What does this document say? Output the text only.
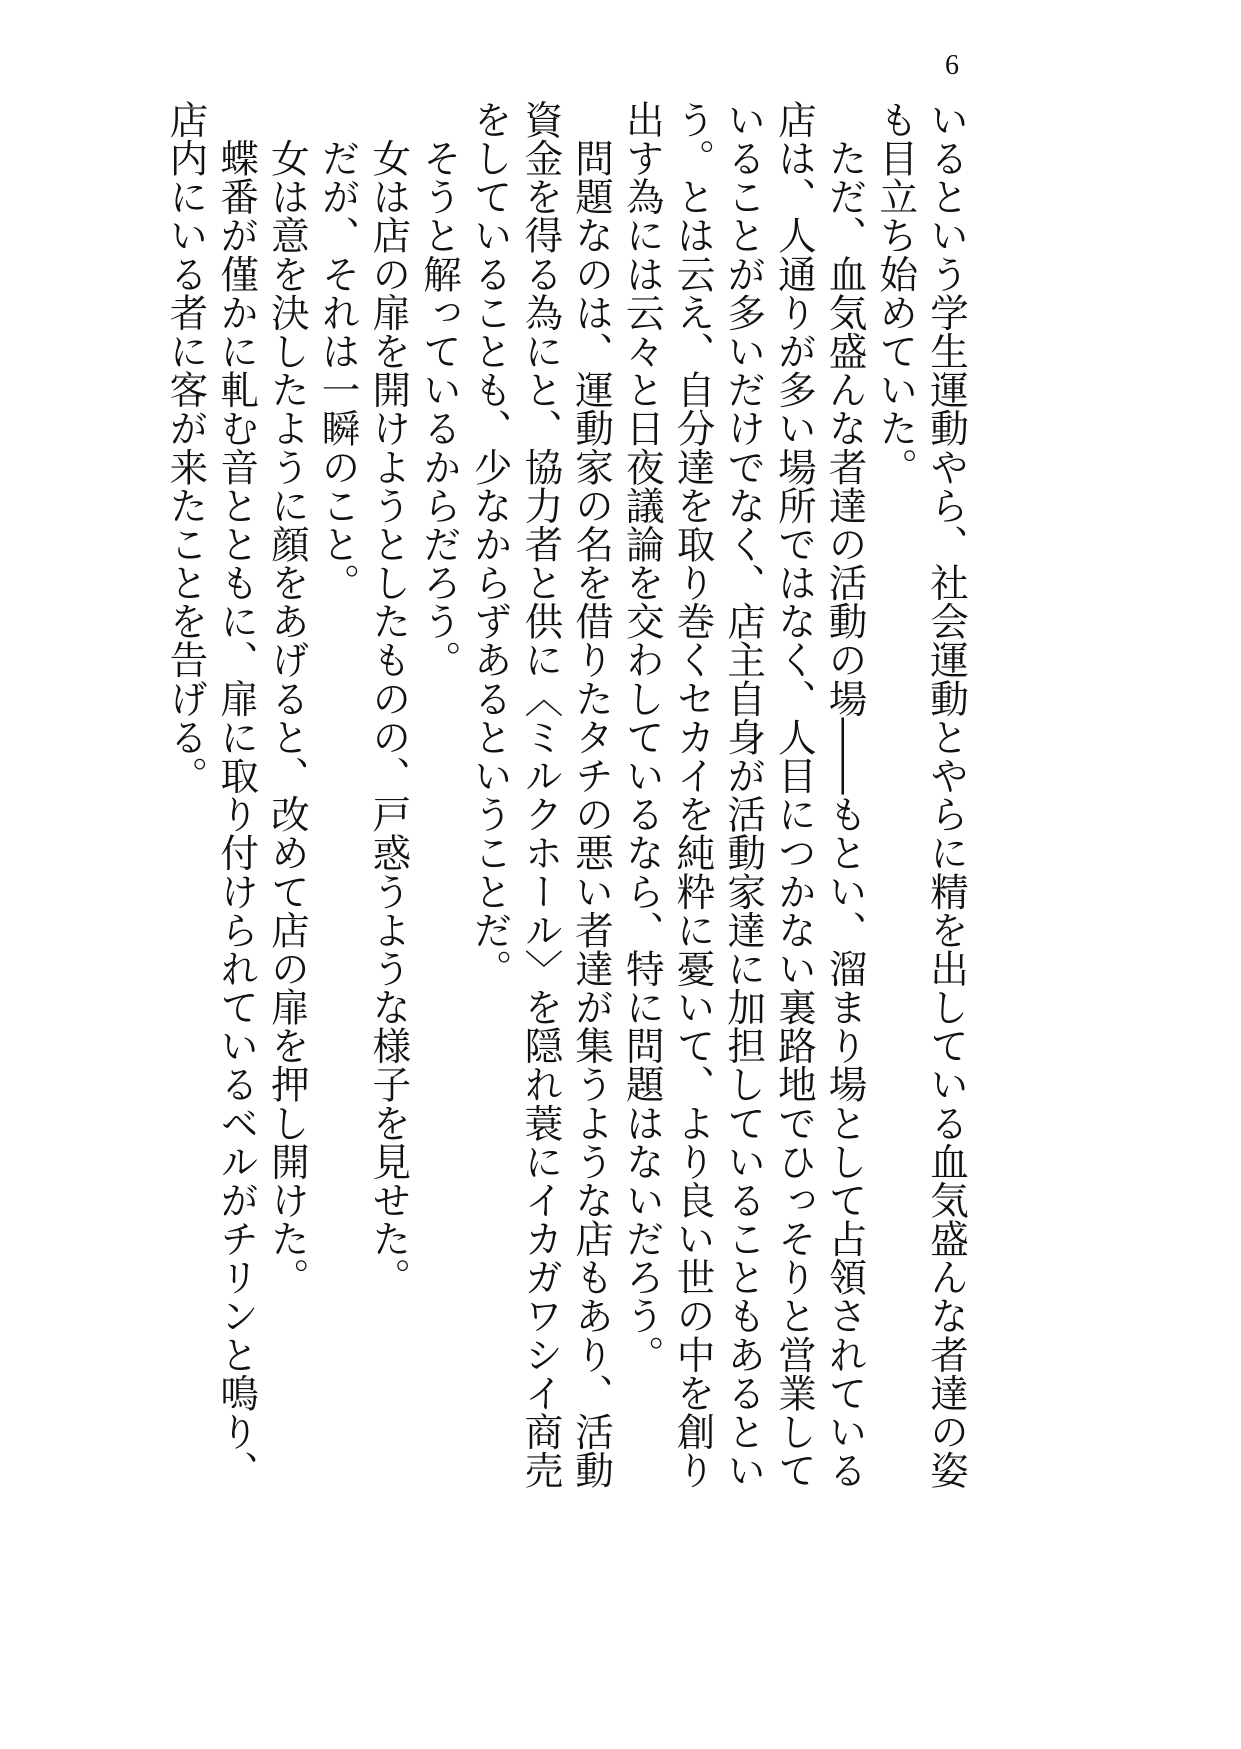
6

いるという学生運動やら、社会運動とやらに精を出している血気盛んな者達の姿

も目立ち始めていた。

　ただ、血気盛んな者達の活動の場――もとい、溜まり場として占領されている

店は、人通りが多い場所ではなく、人目につかない裏路地でひっそりと営業して

いることが多いだけでなく、店主自身が活動家達に加担していることもあるとい

う。とは云え、自分達を取り巻くセカイを純粋に憂いて、より良い世の中を創り

出す為には云々と日夜議論を交わしているなら、特に問題はないだろう。

　問題なのは、運動家の名を借りたタチの悪い者達が集うような店もあり、活動

資金を得る為にと、協力者と供に〈ミルクホール〉を隠れ蓑にイカガワシイ商売

をしていることも、少なからずあるということだ。

　そうと解っているからだろう。

　女は店の扉を開けようとしたものの、戸惑うような様子を見せた。

　だが、それは一瞬のこと。

　女は意を決したように顔をあげると、改めて店の扉を押し開けた。

　蝶番が僅かに軋む音とともに、扉に取り付けられているベルがチリンと鳴り、

店内にいる者に客が来たことを告げる。
